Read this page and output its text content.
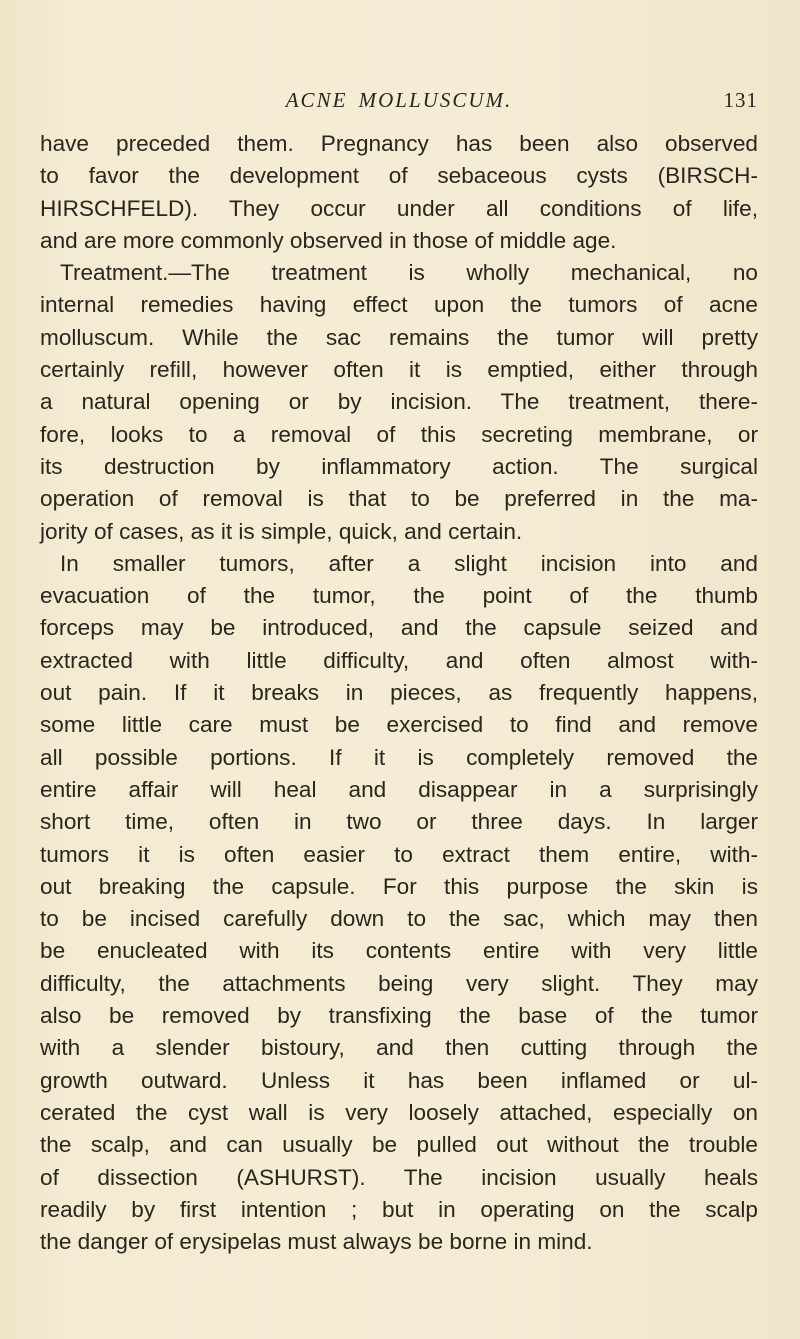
ACNE MOLLUSCUM.	131
have preceded them. Pregnancy has been also observed
to favor the development of sebaceous cysts (BIRSCH-
HIRSCHFELD). They occur under all conditions of life,
and are more commonly observed in those of middle age.
Treatment.—The treatment is wholly mechanical, no
internal remedies having effect upon the tumors of acne
molluscum. While the sac remains the tumor will pretty
certainly refill, however often it is emptied, either through
a natural opening or by incision. The treatment, there-
fore, looks to a removal of this secreting membrane, or
its destruction by inflammatory action. The surgical
operation of removal is that to be preferred in the ma-
jority of cases, as it is simple, quick, and certain.
In smaller tumors, after a slight incision into and
evacuation of the tumor, the point of the thumb
forceps may be introduced, and the capsule seized and
extracted with little difficulty, and often almost with-
out pain. If it breaks in pieces, as frequently happens,
some little care must be exercised to find and remove
all possible portions. If it is completely removed the
entire affair will heal and disappear in a surprisingly
short time, often in two or three days. In larger
tumors it is often easier to extract them entire, with-
out breaking the capsule. For this purpose the skin is
to be incised carefully down to the sac, which may then
be enucleated with its contents entire with very little
difficulty, the attachments being very slight. They may
also be removed by transfixing the base of the tumor
with a slender bistoury, and then cutting through the
growth outward. Unless it has been inflamed or ul-
cerated the cyst wall is very loosely attached, especially on
the scalp, and can usually be pulled out without the trouble
of dissection (ASHURST). The incision usually heals
readily by first intention ; but in operating on the scalp
the danger of erysipelas must always be borne in mind.
